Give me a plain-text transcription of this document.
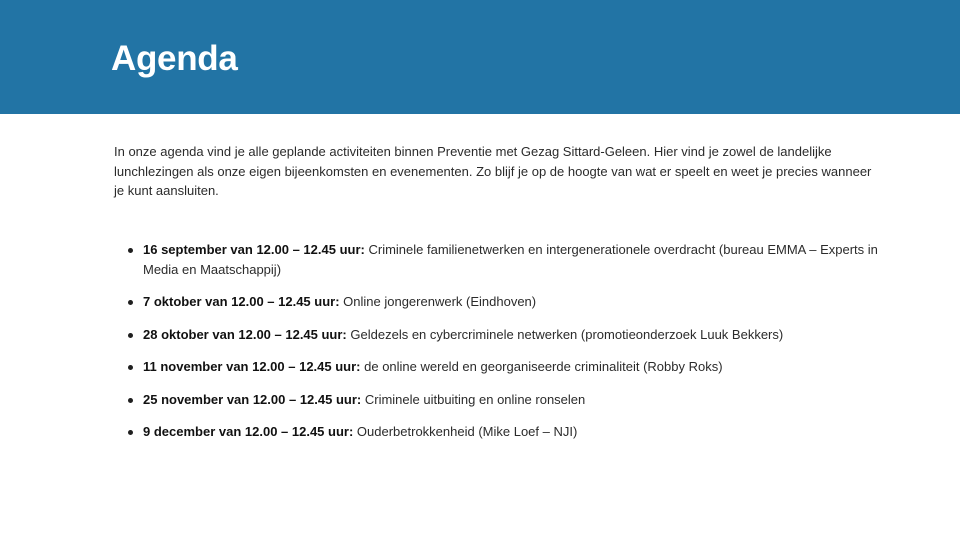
Agenda

In onze agenda vind je alle geplande activiteiten binnen Preventie met Gezag Sittard-Geleen. Hier vind je zowel de landelijke lunchlezingen als onze eigen bijeenkomsten en evenementen. Zo blijf je op de hoogte van wat er speelt en weet je precies wanneer je kunt aansluiten.

16 september van 12.00 – 12.45 uur: Criminele familienetwerken en intergenerationele overdracht (bureau EMMA – Experts in Media en Maatschappij)
7 oktober van 12.00 – 12.45 uur: Online jongerenwerk (Eindhoven)
28 oktober van 12.00 – 12.45 uur: Geldezels en cybercriminele netwerken (promotieonderzoek Luuk Bekkers)
11 november van 12.00 – 12.45 uur: de online wereld en georganiseerde criminaliteit (Robby Roks)
25 november van 12.00 – 12.45 uur: Criminele uitbuiting en online ronselen
9 december van 12.00 – 12.45 uur: Ouderbetrokkenheid (Mike Loef – NJI)
